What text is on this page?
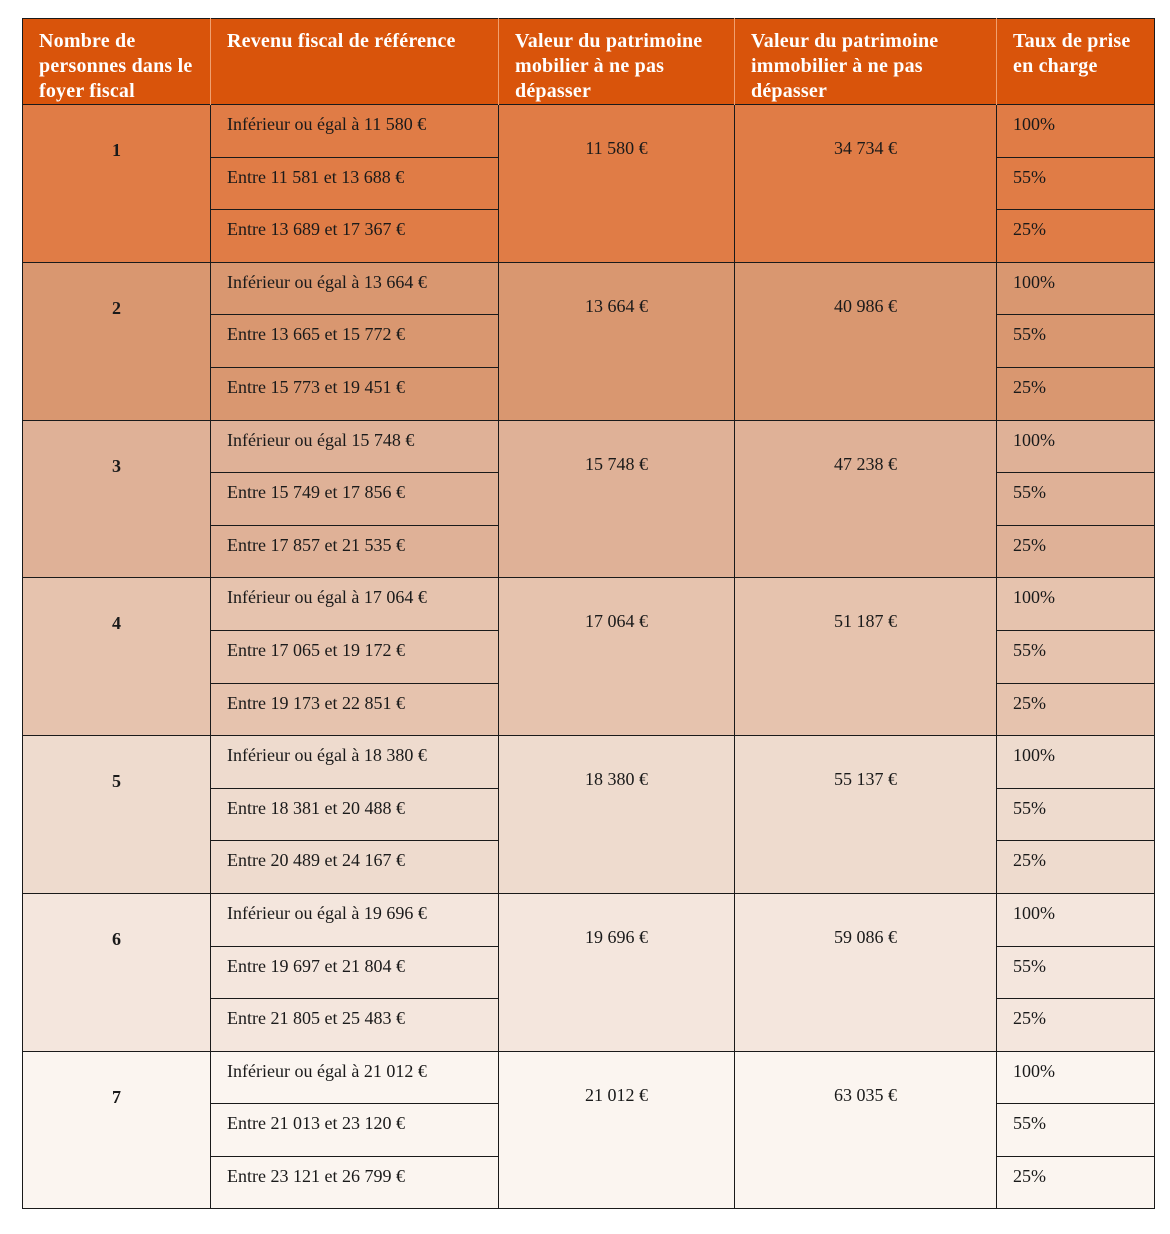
Nombre de personnes dans le foyer fiscal	Revenu fiscal de référence	Valeur du patrimoine mobilier à ne pas dépasser	Valeur du patrimoine immobilier à ne pas dépasser	Taux de prise en charge
1	Inférieur ou égal à 11 580 €	11 580 €	34 734 €	100%
	Entre 11 581 et 13 688 €			55%
	Entre 13 689 et 17 367 €			25%
2	Inférieur ou égal à 13 664 €	13 664 €	40 986 €	100%
	Entre 13 665 et 15 772 €			55%
	Entre 15 773 et 19 451 €			25%
3	Inférieur ou égal 15 748 €	15 748 €	47 238 €	100%
	Entre 15 749 et 17 856 €			55%
	Entre 17 857 et 21 535 €			25%
4	Inférieur ou égal à 17 064 €	17 064 €	51 187 €	100%
	Entre 17 065 et 19 172 €			55%
	Entre 19 173 et 22 851 €			25%
5	Inférieur ou égal à 18 380 €	18 380 €	55 137 €	100%
	Entre 18 381 et 20 488 €			55%
	Entre 20 489 et 24 167 €			25%
6	Inférieur ou égal à 19 696 €	19 696 €	59 086 €	100%
	Entre 19 697 et 21 804 €			55%
	Entre 21 805 et 25 483 €			25%
7	Inférieur ou égal à 21 012 €	21 012 €	63 035 €	100%
	Entre 21 013 et 23 120 €			55%
	Entre 23 121 et 26 799 €			25%
